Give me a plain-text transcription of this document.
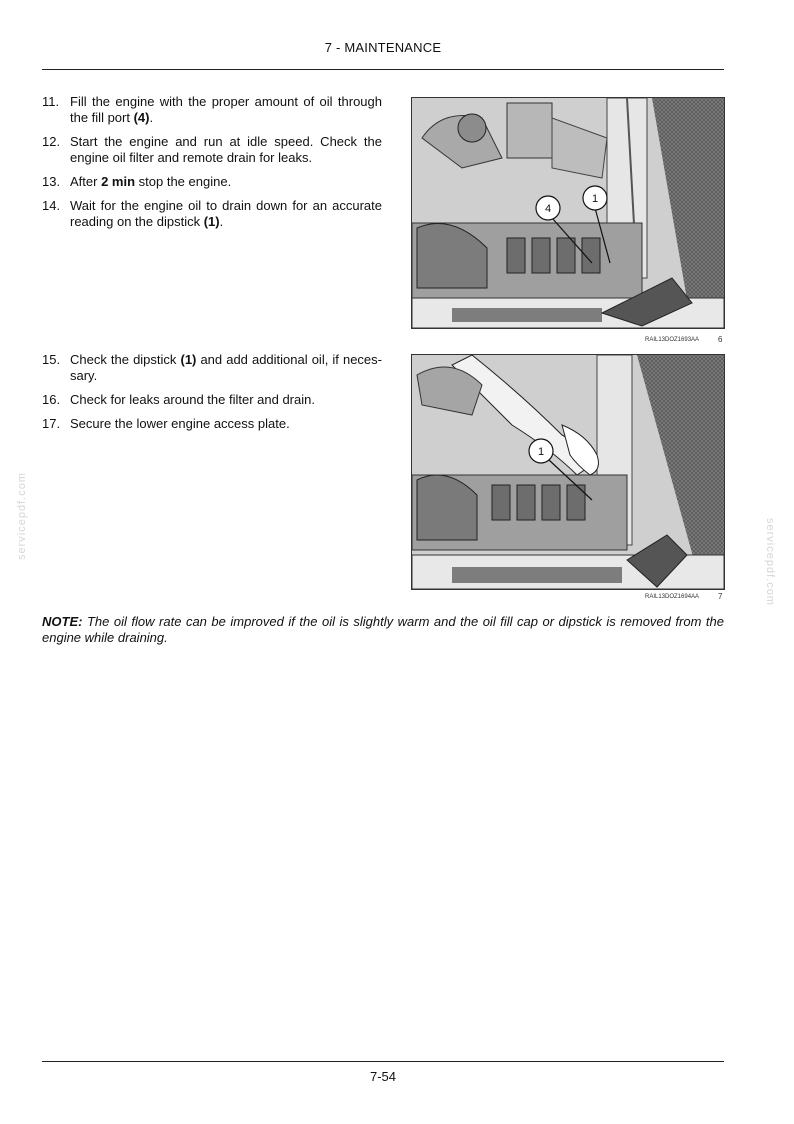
7 - MAINTENANCE
11. Fill the engine with the proper amount of oil through the fill port (4).
12. Start the engine and run at idle speed. Check the engine oil filter and remote drain for leaks.
13. After 2 min stop the engine.
14. Wait for the engine oil to drain down for an accurate reading on the dipstick (1).
4
1
RAIL13DOZ1693AA 6
15. Check the dipstick (1) and add additional oil, if neces-sary.
16. Check for leaks around the filter and drain.
17. Secure the lower engine access plate.
1
RAIL13DOZ1694AA 7
NOTE: The oil flow rate can be improved if the oil is slightly warm and the oil fill cap or dipstick is removed from the engine while draining.
servicepdf.com
servicepdf.com
7-54
